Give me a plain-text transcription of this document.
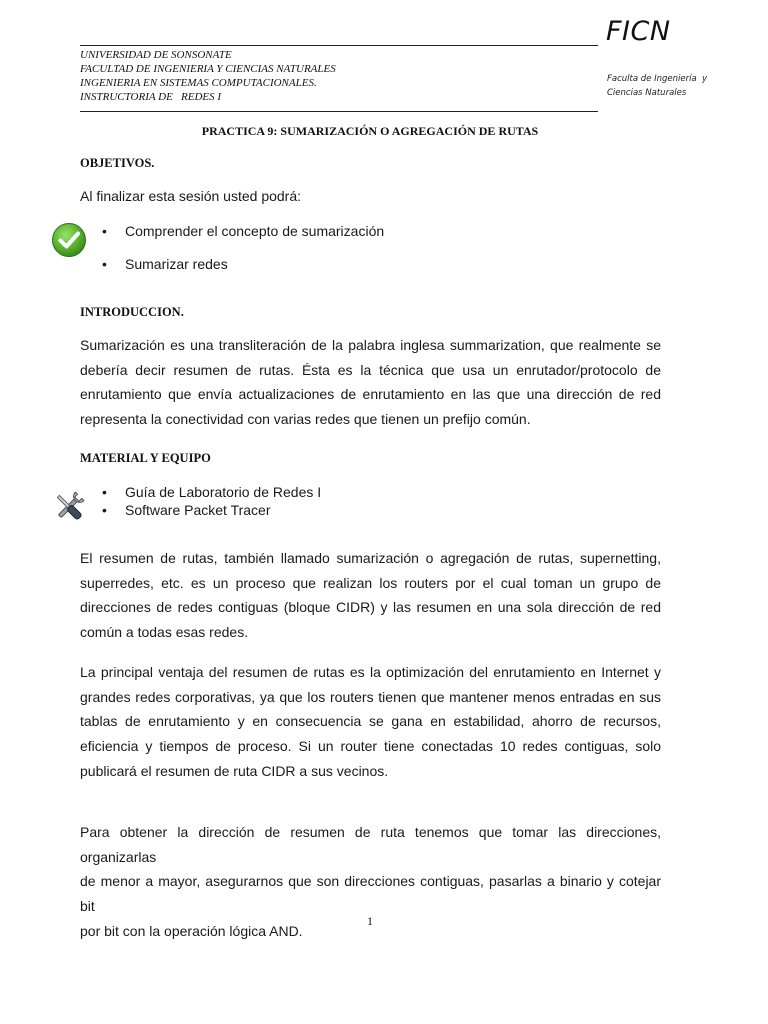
UNIVERSIDAD DE SONSONATE
FACULTAD DE INGENIERIA Y CIENCIAS NATURALES
INGENIERIA EN SISTEMAS COMPUTACIONALES.
INSTRUCTORIA DE   REDES I
FICN
Faculta de Ingeniería  y
Ciencias Naturales
PRACTICA 9: SUMARIZACIÓN O AGREGACIÓN DE RUTAS
OBJETIVOS.
Al finalizar esta sesión usted podrá:
• Comprender el concepto de sumarización
• Sumarizar redes
INTRODUCCION.
Sumarización es una transliteración de la palabra inglesa summarization, que realmente se
debería decir resumen de rutas. Ésta es la técnica que usa un enrutador/protocolo de
enrutamiento que envía actualizaciones de enrutamiento en las que una dirección de red
representa la conectividad con varias redes que tienen un prefijo común.
MATERIAL Y EQUIPO
• Guía de Laboratorio de Redes I
• Software Packet Tracer
El resumen de rutas, también llamado sumarización o agregación de rutas, supernetting,
superredes, etc. es un proceso que realizan los routers por el cual toman un grupo de
direcciones de redes contiguas (bloque CIDR) y las resumen en una sola dirección de red
común a todas esas redes.
La principal ventaja del resumen de rutas es la optimización del enrutamiento en Internet y
grandes redes corporativas, ya que los routers tienen que mantener menos entradas en sus
tablas de enrutamiento y en consecuencia se gana en estabilidad, ahorro de recursos,
eficiencia y tiempos de proceso. Si un router tiene conectadas 10 redes contiguas, solo
publicará el resumen de ruta CIDR a sus vecinos.
Para obtener la dirección de resumen de ruta tenemos que tomar las direcciones, organizarlas
de menor a mayor, asegurarnos que son direcciones contiguas, pasarlas a binario y cotejar bit
por bit con la operación lógica AND.
1
